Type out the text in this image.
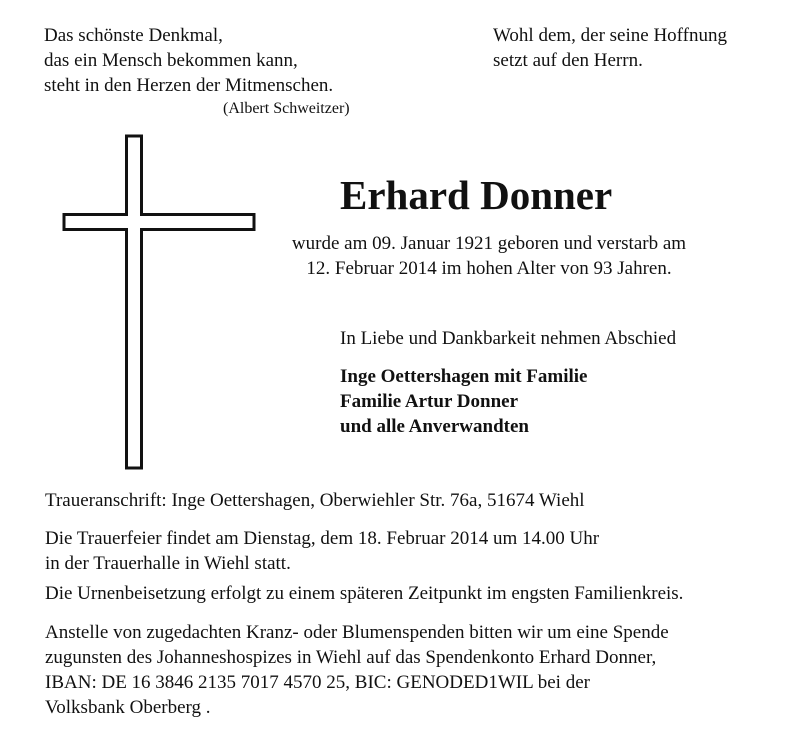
Das schönste Denkmal,
das ein Mensch bekommen kann,
steht in den Herzen der Mitmenschen.
(Albert Schweitzer)
Wohl dem, der seine Hoffnung
setzt auf den Herrn.
Erhard Donner
wurde am 09. Januar 1921 geboren und verstarb am
12. Februar 2014 im hohen Alter von 93 Jahren.
In Liebe und Dankbarkeit nehmen Abschied
Inge Oettershagen mit Familie
Familie Artur Donner
und alle Anverwandten
Traueranschrift: Inge Oettershagen, Oberwiehler Str. 76a, 51674 Wiehl
Die Trauerfeier findet am Dienstag, dem 18. Februar 2014 um 14.00 Uhr
in der Trauerhalle in Wiehl statt.
Die Urnenbeisetzung erfolgt zu einem späteren Zeitpunkt im engsten Familienkreis.
Anstelle von zugedachten Kranz- oder Blumenspenden bitten wir um eine Spende
zugunsten des Johanneshospizes in Wiehl auf das Spendenkonto Erhard Donner,
IBAN: DE 16 3846 2135 7017 4570 25, BIC: GENODED1WIL bei der
Volksbank Oberberg .
